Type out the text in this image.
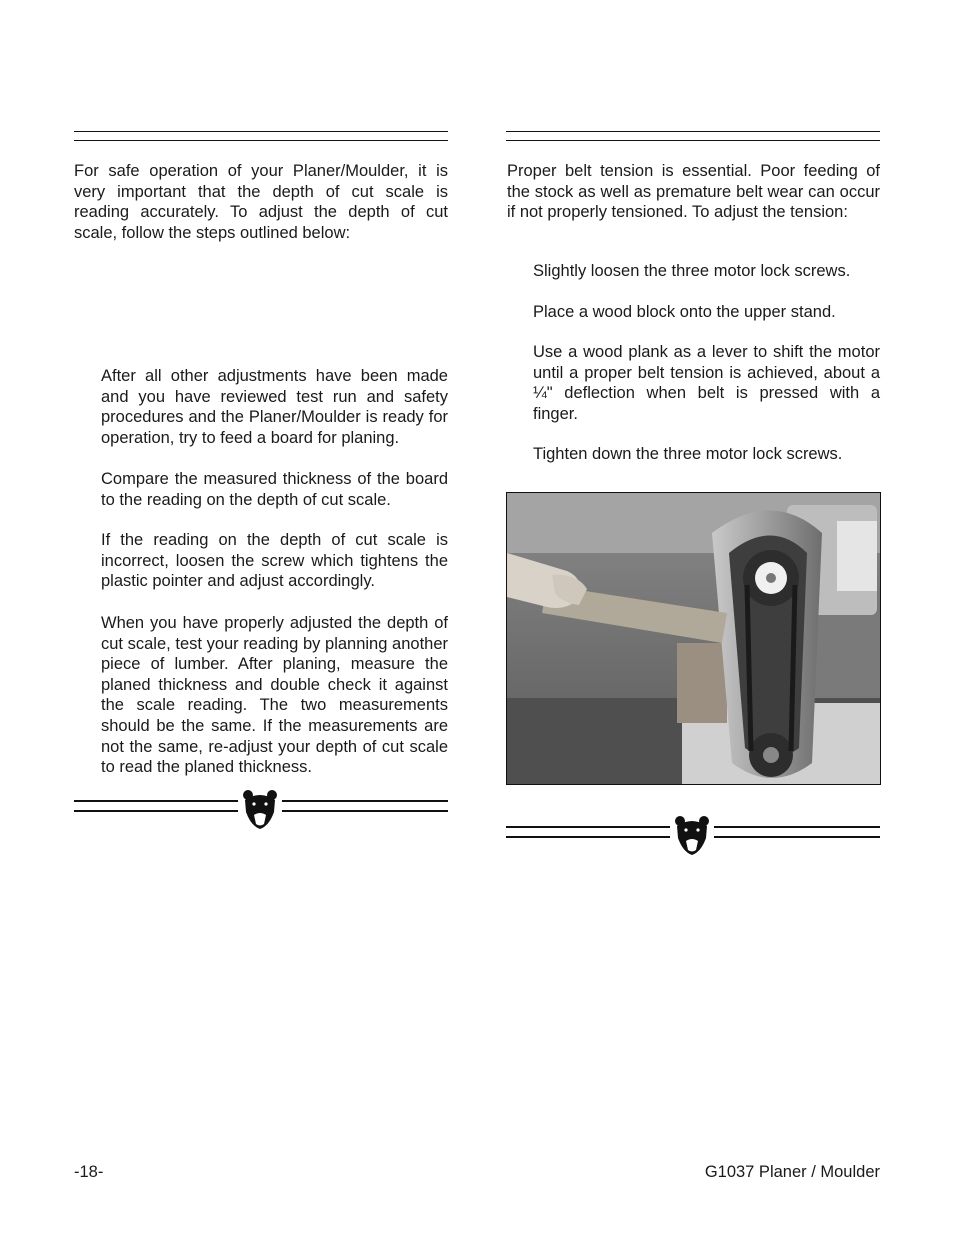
For safe operation of your Planer/Moulder, it is very important that the depth of cut scale is reading accurately. To adjust the depth of cut scale, follow the steps outlined below:

After all other adjustments have been made and you have reviewed test run and safety procedures and the Planer/Moulder is ready for operation, try to feed a board for planing.

Compare the measured thickness of the board to the reading on the depth of cut scale.

If the reading on the depth of cut scale is incorrect, loosen the screw which tightens the plastic pointer and adjust accordingly.

When you have properly adjusted the depth of cut scale, test your reading by planning another piece of lumber. After planing, measure the planed thickness and double check it against the scale reading. The two measurements should be the same. If the measurements are not the same, re-adjust your depth of cut scale to read the planed thickness.

Proper belt tension is essential. Poor feeding of the stock as well as premature belt wear can occur if not properly tensioned. To adjust the tension:

Slightly loosen the three motor lock screws.

Place a wood block onto the upper stand.

Use a wood plank as a lever to shift the motor until a proper belt tension is achieved, about a ¼" deflection when belt is pressed with a finger.

Tighten down the three motor lock screws.

-18-	G1037 Planer / Moulder
